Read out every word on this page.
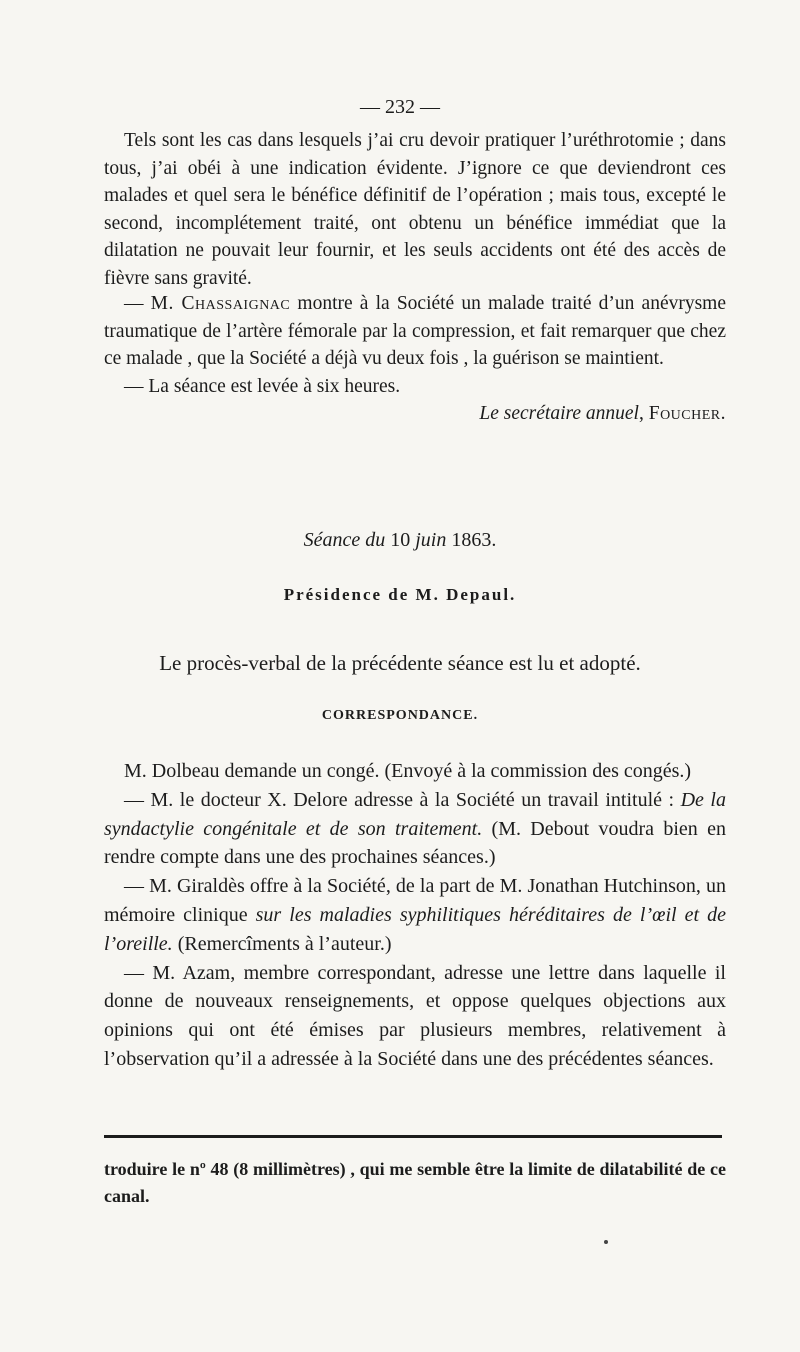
— 232 —

Tels sont les cas dans lesquels j’ai cru devoir pratiquer l’uréthrotomie ; dans tous, j’ai obéi à une indication évidente. J’ignore ce que deviendront ces malades et quel sera le bénéfice définitif de l’opération ; mais tous, excepté le second, incomplétement traité, ont obtenu un bénéfice immédiat que la dilatation ne pouvait leur fournir, et les seuls accidents ont été des accès de fièvre sans gravité.

— M. Chassaignac montre à la Société un malade traité d’un anévrysme traumatique de l’artère fémorale par la compression, et fait remarquer que chez ce malade , que la Société a déjà vu deux fois , la guérison se maintient.

— La séance est levée à six heures.

Le secrétaire annuel, Foucher.

Séance du 10 juin 1863.
Présidence de M. Depaul.
Le procès-verbal de la précédente séance est lu et adopté.
CORRESPONDANCE.

M. Dolbeau demande un congé. (Envoyé à la commission des congés.)

— M. le docteur X. Delore adresse à la Société un travail intitulé : De la syndactylie congénitale et de son traitement. (M. Debout voudra bien en rendre compte dans une des prochaines séances.)

— M. Giraldès offre à la Société, de la part de M. Jonathan Hutchinson, un mémoire clinique sur les maladies syphilitiques héréditaires de l’œil et de l’oreille. (Remercîments à l’auteur.)

— M. Azam, membre correspondant, adresse une lettre dans laquelle il donne de nouveaux renseignements, et oppose quelques objections aux opinions qui ont été émises par plusieurs membres, relativement à l’observation qu’il a adressée à la Société dans une des précédentes séances.

troduire le nº 48 (8 millimètres) , qui me semble être la limite de dilatabilité de ce canal.
